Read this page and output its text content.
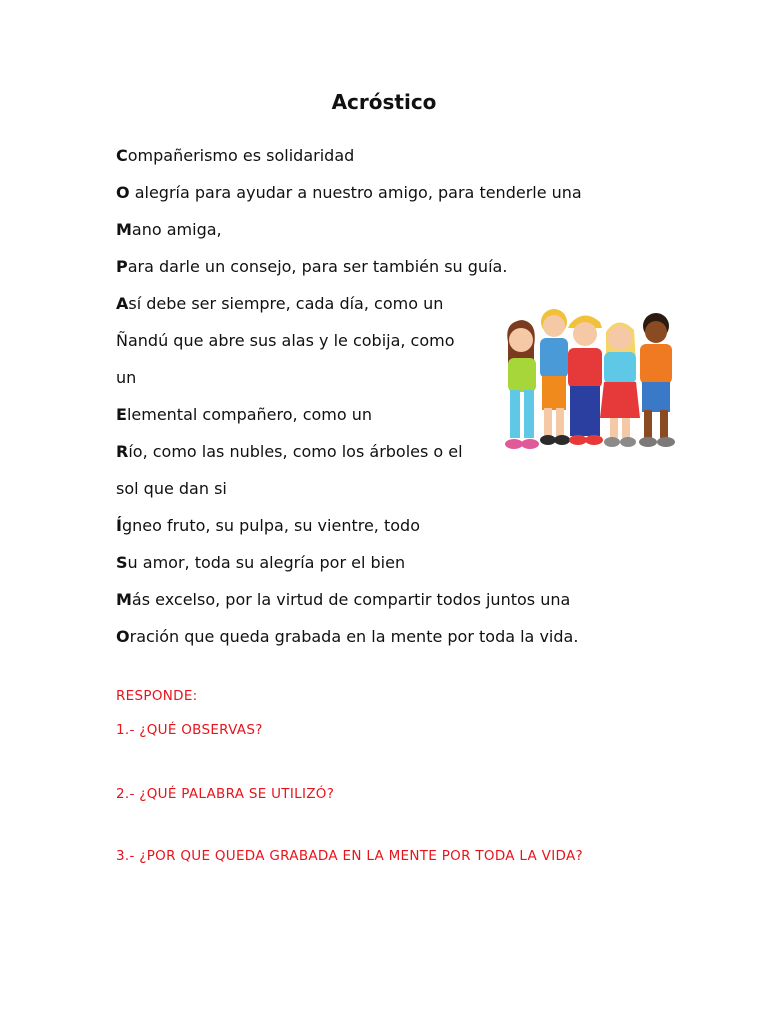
Acróstico
Compañerismo es solidaridad
O alegría para ayudar a nuestro amigo, para tenderle una
Mano amiga,
Para darle un consejo, para ser también su guía.
Así debe ser siempre, cada día, como un
Ñandú que abre sus alas y le cobija, como
un
Elemental compañero, como un
Río, como las nubles, como los árboles o el
sol que dan si
Ígneo fruto, su pulpa, su vientre, todo
Su amor, toda su alegría por el bien
Más excelso, por la virtud de compartir todos juntos una
Oración que queda grabada en la mente por toda la vida.
RESPONDE:
1.- ¿QUÉ OBSERVAS?
2.- ¿QUÉ PALABRA SE UTILIZÓ?
3.- ¿POR QUE QUEDA GRABADA EN LA MENTE POR TODA LA VIDA?
